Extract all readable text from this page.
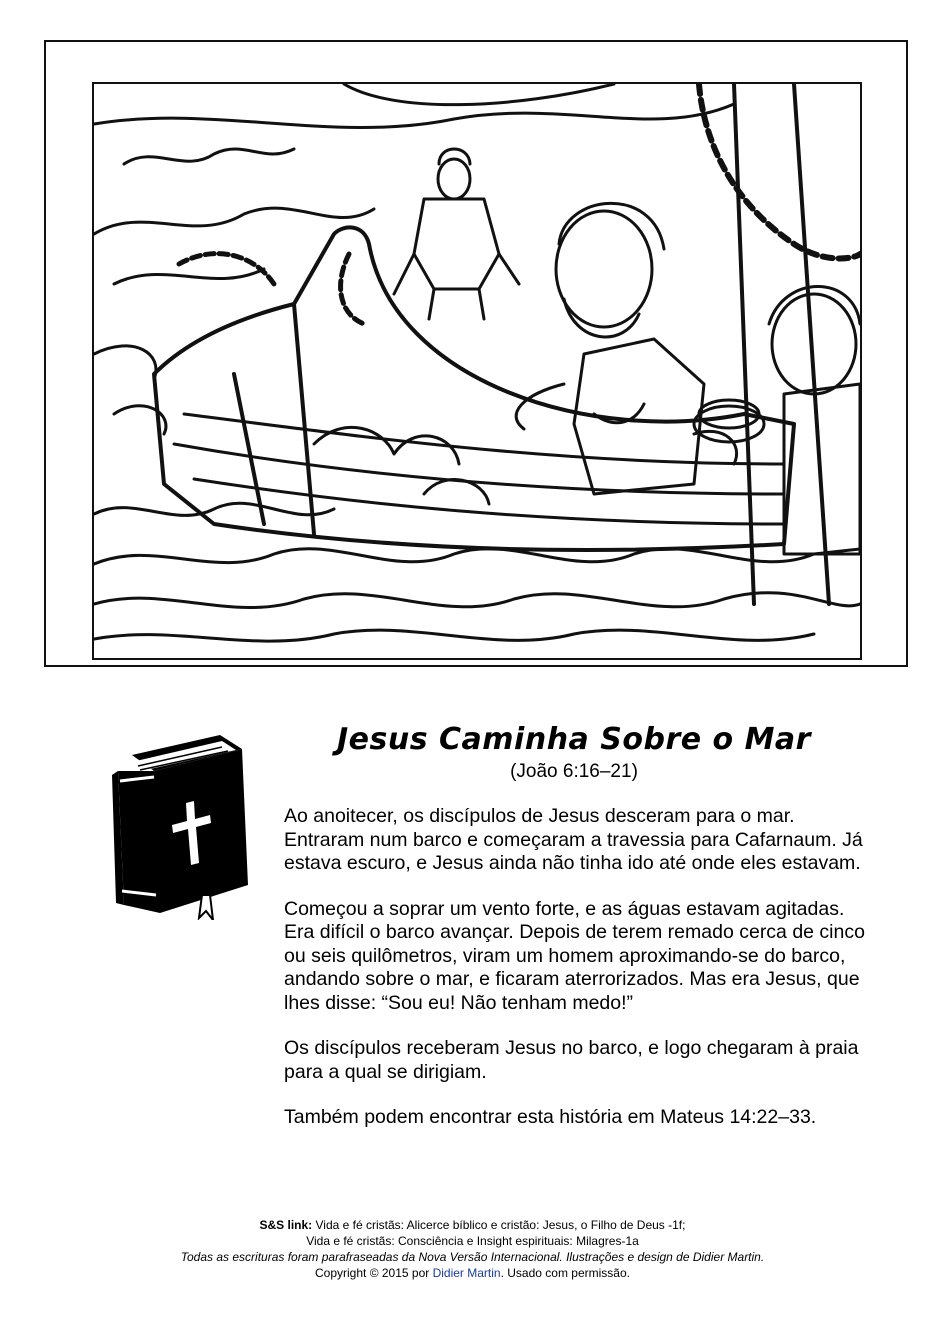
Jesus Caminha Sobre o Mar
(João 6:16–21)

Ao anoitecer, os discípulos de Jesus desceram para o mar. Entraram num barco e começaram a travessia para Cafarnaum. Já estava escuro, e Jesus ainda não tinha ido até onde eles estavam.

Começou a soprar um vento forte, e as águas estavam agitadas. Era difícil o barco avançar. Depois de terem remado cerca de cinco ou seis quilômetros, viram um homem aproximando-se do barco, andando sobre o mar, e ficaram aterrorizados. Mas era Jesus, que lhes disse: “Sou eu! Não tenham medo!”

Os discípulos receberam Jesus no barco, e logo chegaram à praia para a qual se dirigiam.

Também podem encontrar esta história em Mateus 14:22–33.

S&S link: Vida e fé cristãs: Alicerce bíblico e cristão: Jesus, o Filho de Deus -1f;
Vida e fé cristãs: Consciência e Insight espirituais: Milagres-1a
Todas as escrituras foram parafraseadas da Nova Versão Internacional. Ilustrações e design de Didier Martin.
Copyright © 2015 por Didier Martin. Usado com permissão.
